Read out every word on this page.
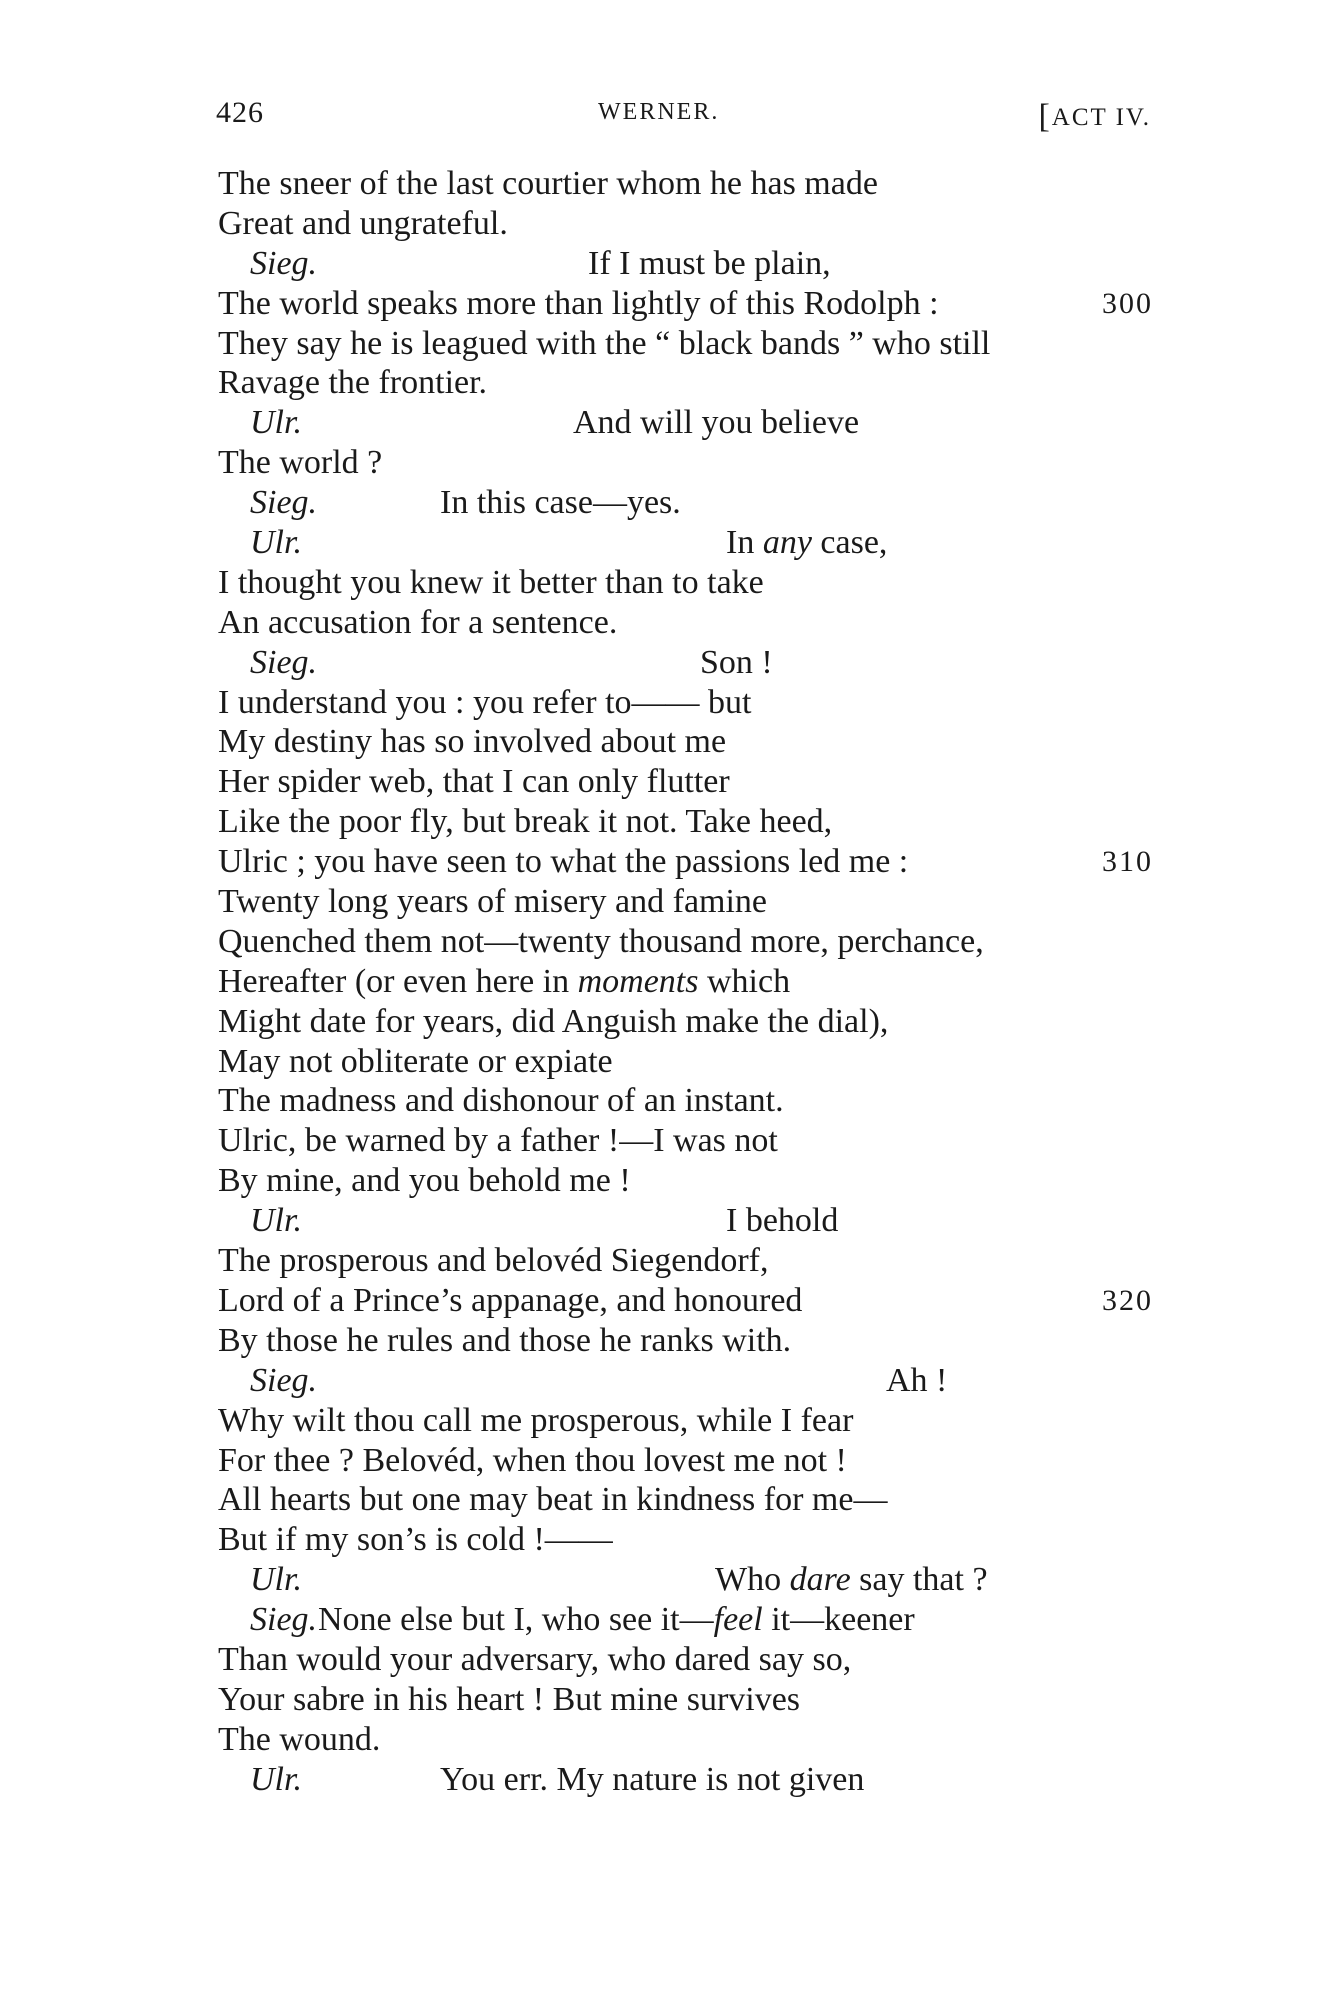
426	WERNER.	[ACT IV.
The sneer of the last courtier whom he has made
Great and ungrateful.
Sieg.	If I must be plain,
The world speaks more than lightly of this Rodolph :	300
They say he is leagued with the “ black bands ” who still
Ravage the frontier.
Ulr.	And will you believe
The world ?
Sieg.	In this case—yes.
Ulr.	In any case,
I thought you knew it better than to take
An accusation for a sentence.
Sieg.	Son !
I understand you : you refer to—— but
My destiny has so involved about me
Her spider web, that I can only flutter
Like the poor fly, but break it not. Take heed,
Ulric ; you have seen to what the passions led me :	310
Twenty long years of misery and famine
Quenched them not—twenty thousand more, perchance,
Hereafter (or even here in moments which
Might date for years, did Anguish make the dial),
May not obliterate or expiate
The madness and dishonour of an instant.
Ulric, be warned by a father !—I was not
By mine, and you behold me !
Ulr.	I behold
The prosperous and belovéd Siegendorf,
Lord of a Prince’s appanage, and honoured	320
By those he rules and those he ranks with.
Sieg.	Ah !
Why wilt thou call me prosperous, while I fear
For thee ? Belovéd, when thou lovest me not !
All hearts but one may beat in kindness for me—
But if my son’s is cold !——
Ulr.	Who dare say that ?
Sieg. None else but I, who see it—feel it—keener
Than would your adversary, who dared say so,
Your sabre in his heart ! But mine survives
The wound.
Ulr.	You err. My nature is not given
